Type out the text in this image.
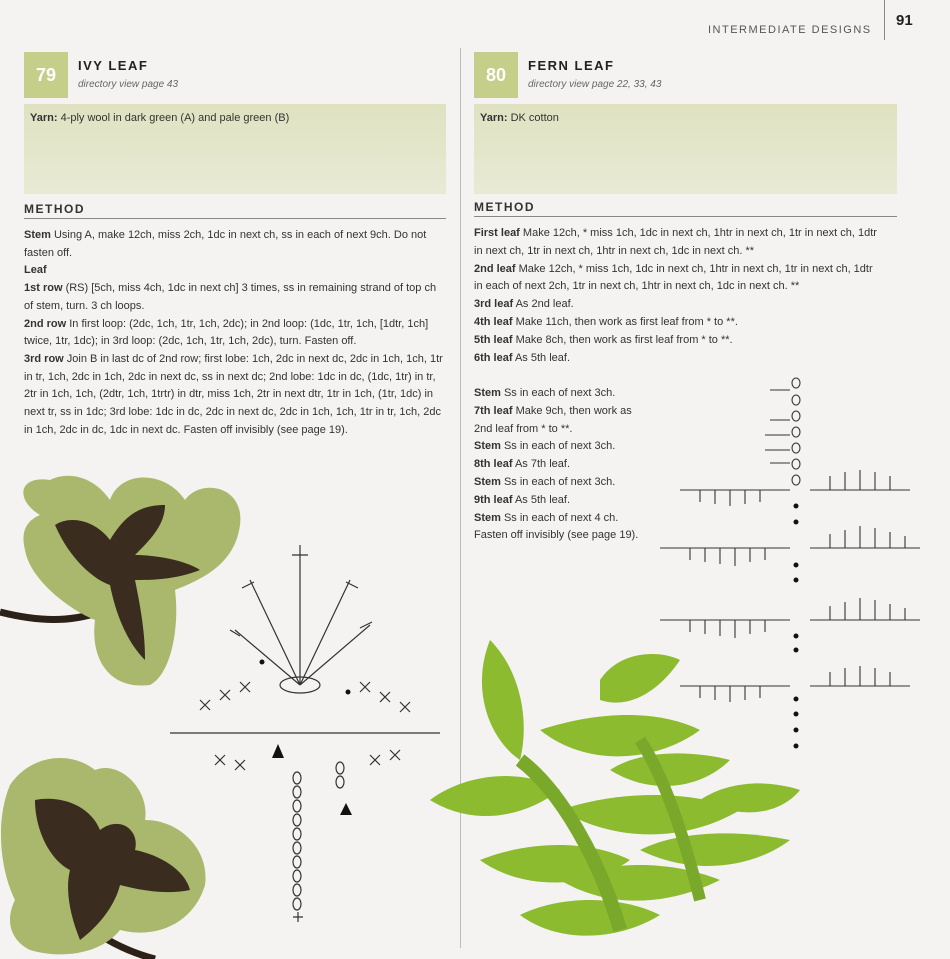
INTERMEDIATE DESIGNS
91
79	IVY LEAF
directory view page 43
Yarn: 4-ply wool in dark green (A) and pale green (B)
METHOD

Stem Using A, make 12ch, miss 2ch, 1dc in next ch, ss in each of next 9ch. Do not fasten off.

Leaf

1st row (RS) [5ch, miss 4ch, 1dc in next ch] 3 times, ss in remaining strand of top ch of stem, turn. 3 ch loops.

2nd row In first loop: (2dc, 1ch, 1tr, 1ch, 2dc); in 2nd loop: (1dc, 1tr, 1ch, [1dtr, 1ch] twice, 1tr, 1dc); in 3rd loop: (2dc, 1ch, 1tr, 1ch, 2dc), turn. Fasten off.

3rd row Join B in last dc of 2nd row; first lobe: 1ch, 2dc in next dc, 2dc in 1ch, 1ch, 1tr in tr, 1ch, 2dc in 1ch, 2dc in next dc, ss in next dc; 2nd lobe: 1dc in dc, (1dc, 1tr) in tr, 2tr in 1ch, 1ch, (2dtr, 1ch, 1trtr) in dtr, miss 1ch, 2tr in next dtr, 1tr in 1ch, (1tr, 1dc) in next tr, ss in 1dc; 3rd lobe: 1dc in dc, 2dc in next dc, 2dc in 1ch, 1ch, 1tr in tr, 1ch, 2dc in 1ch, 2dc in dc, 1dc in next dc. Fasten off invisibly (see page 19).

80	FERN LEAF
directory view page 22, 33, 43
Yarn: DK cotton
METHOD

First leaf Make 12ch, * miss 1ch, 1dc in next ch, 1htr in next ch, 1tr in next ch, 1dtr in next ch, 1tr in next ch, 1htr in next ch, 1dc in next ch. **

2nd leaf Make 12ch, * miss 1ch, 1dc in next ch, 1htr in next ch, 1tr in next ch, 1dtr in each of next 2ch, 1tr in next ch, 1htr in next ch, 1dc in next ch. **

3rd leaf As 2nd leaf.

4th leaf Make 11ch, then work as first leaf from * to **.

5th leaf Make 8ch, then work as first leaf from * to **.

6th leaf As 5th leaf.

Stem Ss in each of next 3ch.

7th leaf Make 9ch, then work as 2nd leaf from * to **.

Stem Ss in each of next 3ch.

8th leaf As 7th leaf.

Stem Ss in each of next 3ch.

9th leaf As 5th leaf.

Stem Ss in each of next 4 ch.

Fasten off invisibly (see page 19).
